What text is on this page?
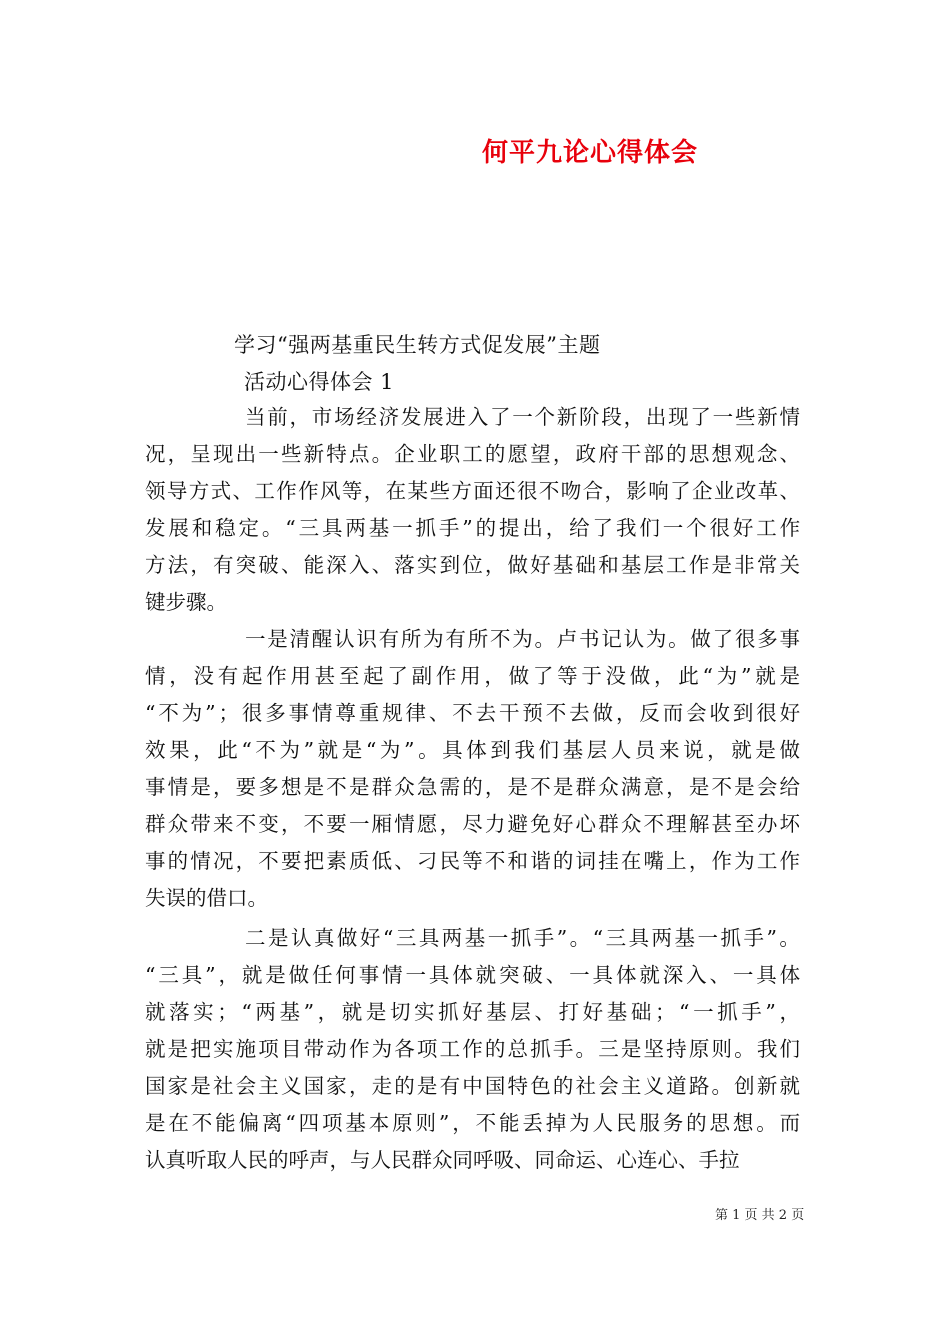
何平九论心得体会
学习“强两基重民生转方式促发展”主题
活动心得体会 1
当前，市场经济发展进入了一个新阶段，出现了一些新情
况，呈现出一些新特点。企业职工的愿望，政府干部的思想观念、
领导方式、工作作风等，在某些方面还很不吻合，影响了企业改革、
发展和稳定。“三具两基一抓手”的提出，给了我们一个很好工作
方法，有突破、能深入、落实到位，做好基础和基层工作是非常关
键步骤。
一是清醒认识有所为有所不为。卢书记认为。做了很多事
情，没有起作用甚至起了副作用，做了等于没做，此“为”就是
“不为”；很多事情尊重规律、不去干预不去做，反而会收到很好
效果，此“不为”就是“为”。具体到我们基层人员来说，就是做
事情是，要多想是不是群众急需的，是不是群众满意，是不是会给
群众带来不变，不要一厢情愿，尽力避免好心群众不理解甚至办坏
事的情况，不要把素质低、刁民等不和谐的词挂在嘴上，作为工作
失误的借口。
二是认真做好“三具两基一抓手”。“三具两基一抓手”。
“三具”，就是做任何事情一具体就突破、一具体就深入、一具体
就落实；“两基”，就是切实抓好基层、打好基础；“一抓手”，
就是把实施项目带动作为各项工作的总抓手。三是坚持原则。我们
国家是社会主义国家，走的是有中国特色的社会主义道路。创新就
是在不能偏离“四项基本原则”，不能丢掉为人民服务的思想。而
认真听取人民的呼声，与人民群众同呼吸、同命运、心连心、手拉
第 1 页 共 2 页
